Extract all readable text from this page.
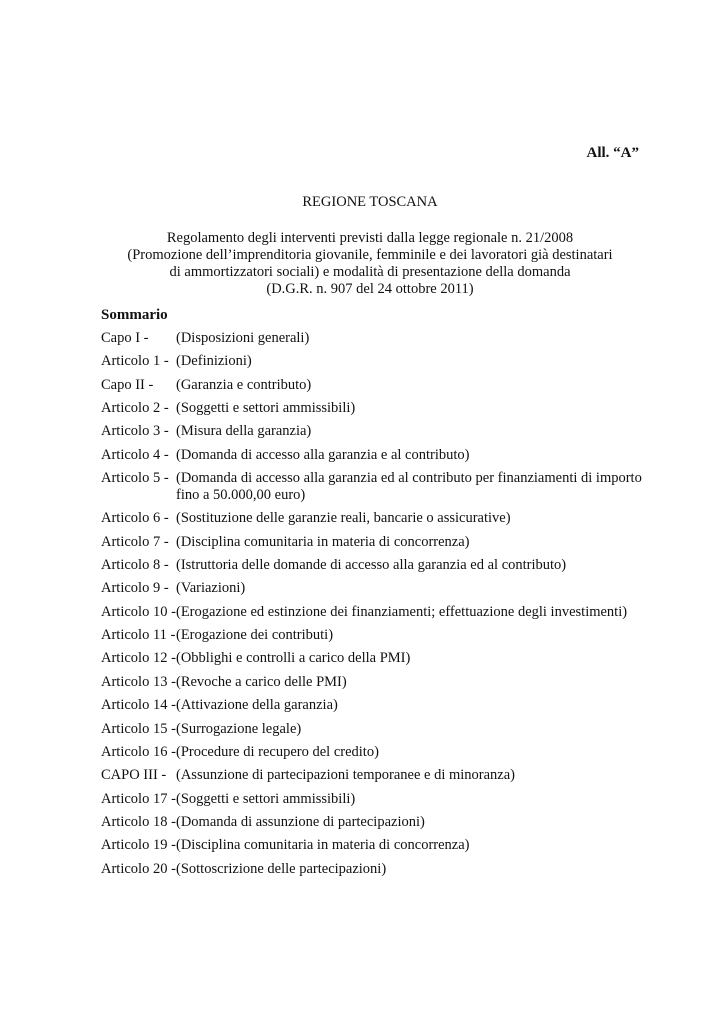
All. “A”
REGIONE TOSCANA
Regolamento degli interventi previsti dalla legge regionale n. 21/2008
(Promozione dell’imprenditoria giovanile, femminile e dei lavoratori già destinatari
di ammortizzatori sociali) e modalità di presentazione della domanda
(D.G.R. n. 907 del 24 ottobre 2011)
Sommario
Capo I -	(Disposizioni generali)
Articolo 1 - (Definizioni)
Capo II -	(Garanzia e contributo)
Articolo 2 - (Soggetti e settori ammissibili)
Articolo 3 - (Misura della garanzia)
Articolo 4 - (Domanda di accesso alla garanzia e al contributo)
Articolo 5 - (Domanda di accesso alla garanzia ed al contributo per finanziamenti di importo fino a 50.000,00 euro)
Articolo 6 - (Sostituzione delle garanzie reali, bancarie o assicurative)
Articolo 7 - (Disciplina comunitaria in materia di concorrenza)
Articolo 8 - (Istruttoria delle domande di accesso alla garanzia ed al contributo)
Articolo 9 - (Variazioni)
Articolo 10 - (Erogazione ed estinzione dei finanziamenti; effettuazione degli investimenti)
Articolo 11 - (Erogazione dei contributi)
Articolo 12 - (Obblighi e controlli a carico della PMI)
Articolo 13 - (Revoche a carico delle PMI)
Articolo 14 - (Attivazione della garanzia)
Articolo 15 - (Surrogazione legale)
Articolo 16 - (Procedure di recupero del credito)
CAPO III - (Assunzione di partecipazioni temporanee e di minoranza)
Articolo 17 - (Soggetti e settori ammissibili)
Articolo 18 - (Domanda di assunzione di partecipazioni)
Articolo 19 - (Disciplina comunitaria in materia di concorrenza)
Articolo 20 - (Sottoscrizione delle partecipazioni)
